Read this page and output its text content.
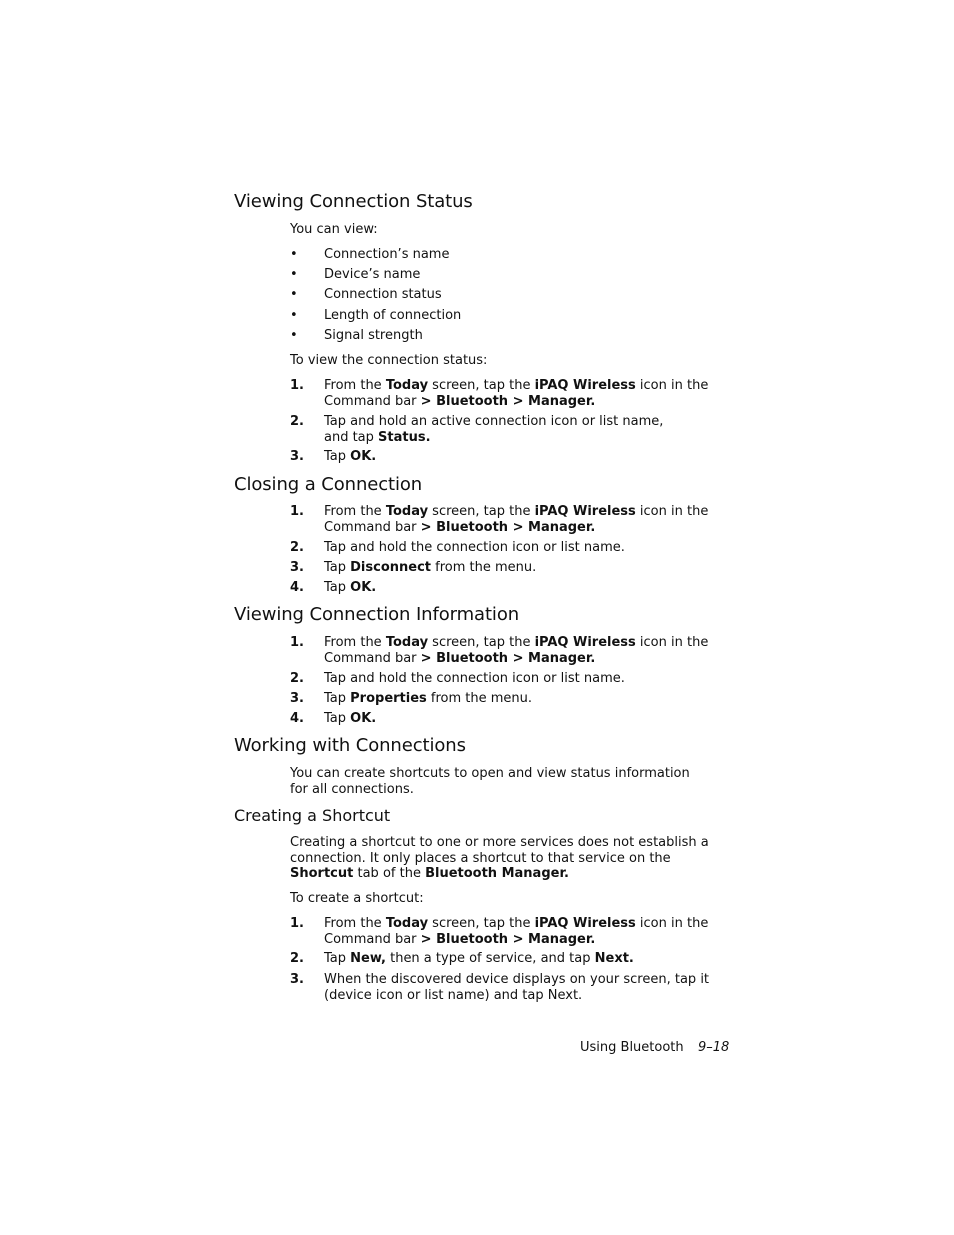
Viewing Connection Status

You can view:

•	Connection’s name
•	Device’s name
•	Connection status
•	Length of connection
•	Signal strength

To view the connection status:

1.	From the Today screen, tap the iPAQ Wireless icon in the Command bar > Bluetooth > Manager.
2.	Tap and hold an active connection icon or list name, and tap Status.
3.	Tap OK.
Closing a Connection
1.	From the Today screen, tap the iPAQ Wireless icon in the Command bar > Bluetooth > Manager.
2.	Tap and hold the connection icon or list name.
3.	Tap Disconnect from the menu.
4.	Tap OK.
Viewing Connection Information
1.	From the Today screen, tap the iPAQ Wireless icon in the Command bar > Bluetooth > Manager.
2.	Tap and hold the connection icon or list name.
3.	Tap Properties from the menu.
4.	Tap OK.
Working with Connections

You can create shortcuts to open and view status information for all connections.

Creating a Shortcut

Creating a shortcut to one or more services does not establish a connection. It only places a shortcut to that service on the Shortcut tab of the Bluetooth Manager.

To create a shortcut:

1.	From the Today screen, tap the iPAQ Wireless icon in the Command bar > Bluetooth > Manager.
2.	Tap New, then a type of service, and tap Next.
3.	When the discovered device displays on your screen, tap it (device icon or list name) and tap Next.
Using Bluetooth 9–18
